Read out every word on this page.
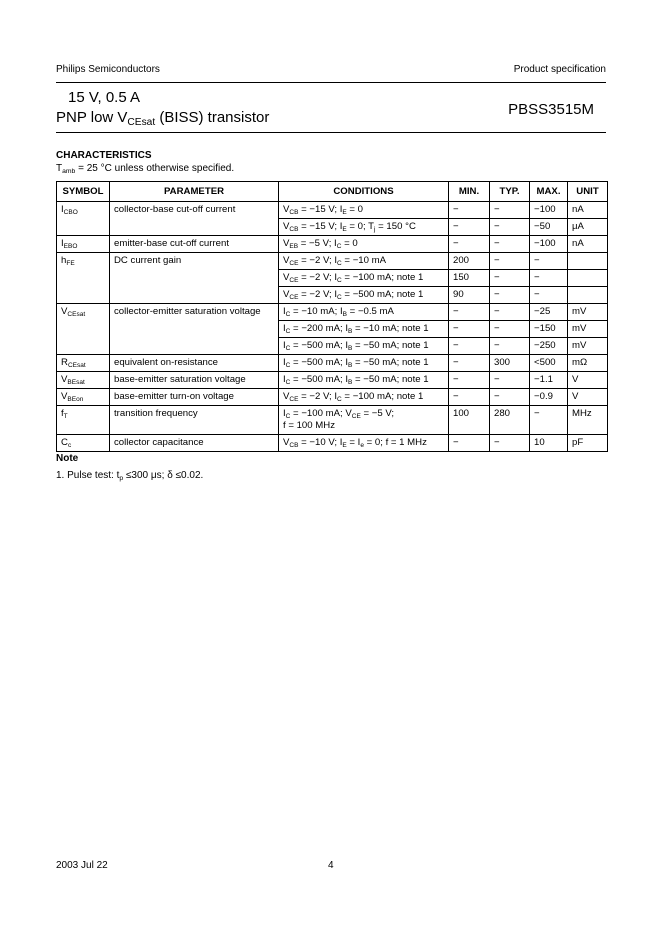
Philips Semiconductors	Product specification
15 V, 0.5 A
PNP low $V_{CEsat}$ (BISS) transistor	PBSS3515M
CHARACTERISTICS
$T_{amb} = 25$ °C unless otherwise specified.
SYMBOL	PARAMETER	CONDITIONS	MIN.	TYP.	MAX.	UNIT
$I_{CBO}$	collector-base cut-off current	$V_{CB} = -15$ V; $I_E = 0$	−	−	−100	nA
		$V_{CB} = -15$ V; $I_E = 0$; $T_j = 150$ °C	−	−	−50	μA
$I_{EBO}$	emitter-base cut-off current	$V_{EB} = -5$ V; $I_C = 0$	−	−	−100	nA
$h_{FE}$	DC current gain	$V_{CE} = -2$ V; $I_C = -10$ mA	200	−	−	
		$V_{CE} = -2$ V; $I_C = -100$ mA; note 1	150	−	−	
		$V_{CE} = -2$ V; $I_C = -500$ mA; note 1	90	−	−	
$V_{CEsat}$	collector-emitter saturation voltage	$I_C = -10$ mA; $I_B = -0.5$ mA	−	−	−25	mV
		$I_C = -200$ mA; $I_B = -10$ mA; note 1	−	−	−150	mV
		$I_C = -500$ mA; $I_B = -50$ mA; note 1	−	−	−250	mV
$R_{CEsat}$	equivalent on-resistance	$I_C = -500$ mA; $I_B = -50$ mA; note 1	−	300	<500	mΩ
$V_{BEsat}$	base-emitter saturation voltage	$I_C = -500$ mA; $I_B = -50$ mA; note 1	−	−	−1.1	V
$V_{BEon}$	base-emitter turn-on voltage	$V_{CE} = -2$ V; $I_C = -100$ mA; note 1	−	−	−0.9	V
$f_T$	transition frequency	$I_C = -100$ mA; $V_{CE} = -5$ V;
f = 100 MHz	100	280	−	MHz
$C_c$	collector capacitance	$V_{CB} = -10$ V; $I_E = I_e = 0$; f = 1 MHz	−	−	10	pF
Note
1. Pulse test: $t_p \le 300$ μs; δ ≤0.02.
2003 Jul 22	4
